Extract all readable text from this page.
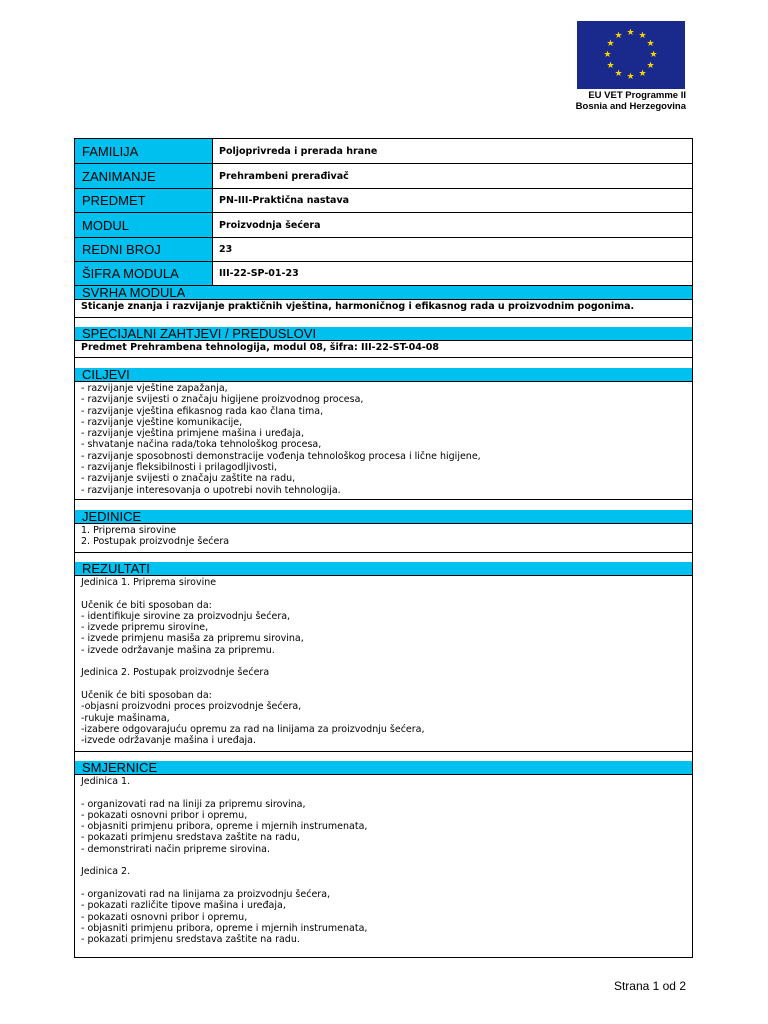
★ ★
★
★
★
★
★
★
★
★
★
★
EU VET Programme II
Bosnia and Herzegovina
FAMILIJA	Poljoprivreda i prerada hrane
ZANIMANJE	Prehrambeni prerađivač
PREDMET	PN-III-Praktična nastava
MODUL	Proizvodnja šećera
REDNI BROJ	23
ŠIFRA MODULA	III-22-SP-01-23
SVRHA MODULA
Sticanje znanja i razvijanje praktičnih vještina, harmoničnog i efikasnog rada u proizvodnim pogonima.
SPECIJALNI ZAHTJEVI / PREDUSLOVI
Predmet Prehrambena tehnologija, modul 08, šifra: III-22-ST-04-08
CILJEVI
- razvijanje vještine zapažanja,
- razvijanje svijesti o značaju higijene proizvodnog procesa,
- razvijanje vještina efikasnog rada kao člana tima,
- razvijanje vještine komunikacije,
- razvijanje vještina primjene mašina i uređaja,
- shvatanje načina rada/toka tehnološkog procesa,
- razvijanje sposobnosti demonstracije vođenja tehnološkog procesa i lične higijene,
- razvijanje fleksibilnosti i prilagodljivosti,
- razvijanje svijesti o značaju zaštite na radu,
- razvijanje interesovanja o upotrebi novih tehnologija.
JEDINICE
1. Priprema sirovine
2. Postupak proizvodnje šećera
REZULTATI
Jedinica 1. Priprema sirovine

Učenik će biti sposoban da:
- identifikuje sirovine za proizvodnju šećera,
- izvede pripremu sirovine,
- izvede primjenu masiša za pripremu sirovina,
- izvede održavanje mašina za pripremu.

Jedinica 2. Postupak proizvodnje šećera

Učenik će biti sposoban da:
-objasni proizvodni proces proizvodnje šećera,
-rukuje mašinama,
-izabere odgovarajuću opremu za rad na linijama za proizvodnju šećera,
-izvede održavanje mašina i uređaja.
SMJERNICE
Jedinica 1.

- organizovati rad na liniji za pripremu sirovina,
- pokazati osnovni pribor i opremu,
- objasniti primjenu pribora, opreme i mjernih instrumenata,
- pokazati primjenu sredstava zaštite na radu,
- demonstrirati način pripreme sirovina.

Jedinica 2.

- organizovati rad na linijama za proizvodnju šećera,
- pokazati različite tipove mašina i uređaja,
- pokazati osnovni pribor i opremu,
- objasniti primjenu pribora, opreme i mjernih instrumenata,
- pokazati primjenu sredstava zaštite na radu.
Strana 1 od 2
